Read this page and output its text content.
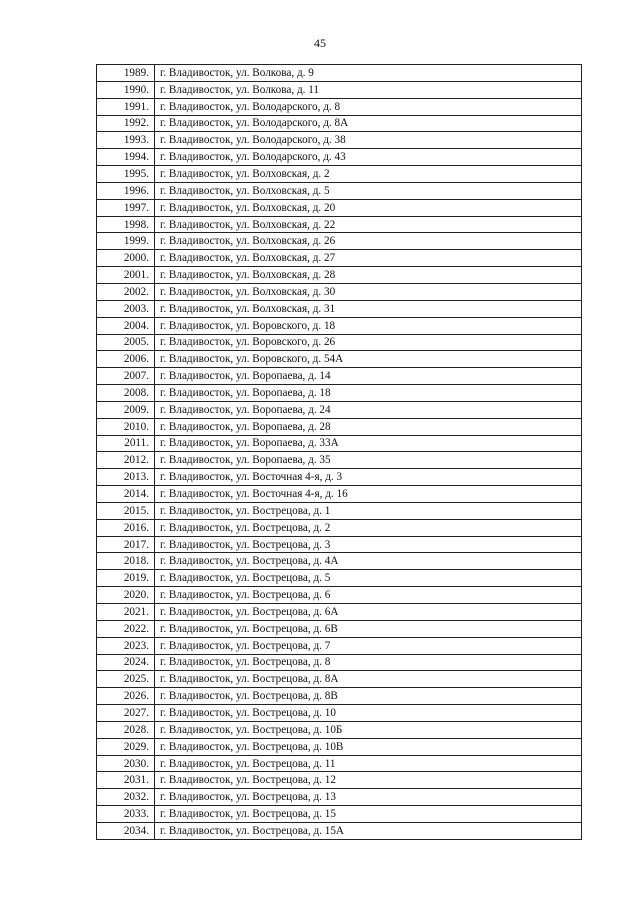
45
1989.	г. Владивосток, ул. Волкова, д. 9
1990.	г. Владивосток, ул. Волкова, д. 11
1991.	г. Владивосток, ул. Володарского, д. 8
1992.	г. Владивосток, ул. Володарского, д. 8А
1993.	г. Владивосток, ул. Володарского, д. 38
1994.	г. Владивосток, ул. Володарского, д. 43
1995.	г. Владивосток, ул. Волховская, д. 2
1996.	г. Владивосток, ул. Волховская, д. 5
1997.	г. Владивосток, ул. Волховская, д. 20
1998.	г. Владивосток, ул. Волховская, д. 22
1999.	г. Владивосток, ул. Волховская, д. 26
2000.	г. Владивосток, ул. Волховская, д. 27
2001.	г. Владивосток, ул. Волховская, д. 28
2002.	г. Владивосток, ул. Волховская, д. 30
2003.	г. Владивосток, ул. Волховская, д. 31
2004.	г. Владивосток, ул. Воровского, д. 18
2005.	г. Владивосток, ул. Воровского, д. 26
2006.	г. Владивосток, ул. Воровского, д. 54А
2007.	г. Владивосток, ул. Воропаева, д. 14
2008.	г. Владивосток, ул. Воропаева, д. 18
2009.	г. Владивосток, ул. Воропаева, д. 24
2010.	г. Владивосток, ул. Воропаева, д. 28
2011.	г. Владивосток, ул. Воропаева, д. 33А
2012.	г. Владивосток, ул. Воропаева, д. 35
2013.	г. Владивосток, ул. Восточная 4-я, д. 3
2014.	г. Владивосток, ул. Восточная 4-я, д. 16
2015.	г. Владивосток, ул. Вострецова, д. 1
2016.	г. Владивосток, ул. Вострецова, д. 2
2017.	г. Владивосток, ул. Вострецова, д. 3
2018.	г. Владивосток, ул. Вострецова, д. 4А
2019.	г. Владивосток, ул. Вострецова, д. 5
2020.	г. Владивосток, ул. Вострецова, д. 6
2021.	г. Владивосток, ул. Вострецова, д. 6А
2022.	г. Владивосток, ул. Вострецова, д. 6В
2023.	г. Владивосток, ул. Вострецова, д. 7
2024.	г. Владивосток, ул. Вострецова, д. 8
2025.	г. Владивосток, ул. Вострецова, д. 8А
2026.	г. Владивосток, ул. Вострецова, д. 8В
2027.	г. Владивосток, ул. Вострецова, д. 10
2028.	г. Владивосток, ул. Вострецова, д. 10Б
2029.	г. Владивосток, ул. Вострецова, д. 10В
2030.	г. Владивосток, ул. Вострецова, д. 11
2031.	г. Владивосток, ул. Вострецова, д. 12
2032.	г. Владивосток, ул. Вострецова, д. 13
2033.	г. Владивосток, ул. Вострецова, д. 15
2034.	г. Владивосток, ул. Вострецова, д. 15А
